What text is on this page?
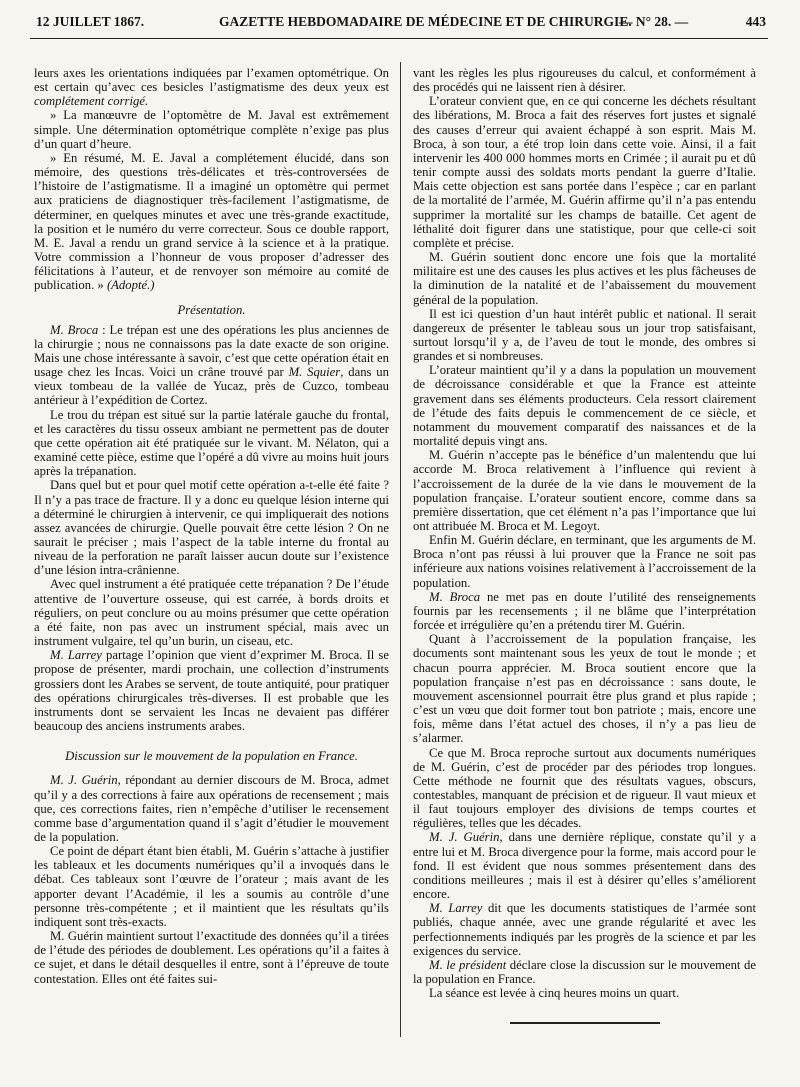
12 JUILLET 1867.	GAZETTE HEBDOMADAIRE DE MÉDECINE ET DE CHIRURGIE.
— N° 28. —	443

leurs axes les orientations indiquées par l’examen optométrique. On est certain qu’avec ces besicles l’astigmatisme des deux yeux est complétement corrigé.

» La manœuvre de l’optomètre de M. Javal est extrêmement simple. Une détermination optométrique complète n’exige pas plus d’un quart d’heure.

» En résumé, M. E. Javal a complétement élucidé, dans son mémoire, des questions très-délicates et très-controversées de l’histoire de l’astigmatisme. Il a imaginé un optomètre qui permet aux praticiens de diagnostiquer très-facilement l’astigmatisme, de déterminer, en quelques minutes et avec une très-grande exactitude, la position et le numéro du verre correcteur. Sous ce double rapport, M. E. Javal a rendu un grand service à la science et à la pratique. Votre commission a l’honneur de vous proposer d’adresser des félicitations à l’auteur, et de renvoyer son mémoire au comité de publication. » (Adopté.)

Présentation.

M. Broca : Le trépan est une des opérations les plus anciennes de la chirurgie ; nous ne connaissons pas la date exacte de son origine. Mais une chose intéressante à savoir, c’est que cette opération était en usage chez les Incas. Voici un crâne trouvé par M. Squier, dans un vieux tombeau de la vallée de Yucaz, près de Cuzco, tombeau antérieur à l’expédition de Cortez.

Le trou du trépan est situé sur la partie latérale gauche du frontal, et les caractères du tissu osseux ambiant ne permettent pas de douter que cette opération ait été pratiquée sur le vivant. M. Nélaton, qui a examiné cette pièce, estime que l’opéré a dû vivre au moins huit jours après la trépanation.

Dans quel but et pour quel motif cette opération a-t-elle été faite ? Il n’y a pas trace de fracture. Il y a donc eu quelque lésion interne qui a déterminé le chirurgien à intervenir, ce qui impliquerait des notions assez avancées de chirurgie. Quelle pouvait être cette lésion ? On ne saurait le préciser ; mais l’aspect de la table interne du frontal au niveau de la perforation ne paraît laisser aucun doute sur l’existence d’une lésion intra-crânienne.

Avec quel instrument a été pratiquée cette trépanation ? De l’étude attentive de l’ouverture osseuse, qui est carrée, à bords droits et réguliers, on peut conclure ou au moins présumer que cette opération a été faite, non pas avec un instrument spécial, mais avec un instrument vulgaire, tel qu’un burin, un ciseau, etc.

M. Larrey partage l’opinion que vient d’exprimer M. Broca. Il se propose de présenter, mardi prochain, une collection d’instruments grossiers dont les Arabes se servent, de toute antiquité, pour pratiquer des opérations chirurgicales très-diverses. Il est probable que les instruments dont se servaient les Incas ne devaient pas différer beaucoup des anciens instruments arabes.

Discussion sur le mouvement de la population en France.

M. J. Guérin, répondant au dernier discours de M. Broca, admet qu’il y a des corrections à faire aux opérations de recensement ; mais que, ces corrections faites, rien n’empêche d’utiliser le recensement comme base d’argumentation quand il s’agit d’étudier le mouvement de la population.

Ce point de départ étant bien établi, M. Guérin s’attache à justifier les tableaux et les documents numériques qu’il a invoqués dans le débat. Ces tableaux sont l’œuvre de l’orateur ; mais avant de les apporter devant l’Académie, il les a soumis au contrôle d’une personne très-compétente ; et il maintient que les résultats qu’ils indiquent sont très-exacts.

M. Guérin maintient surtout l’exactitude des données qu’il a tirées de l’étude des périodes de doublement. Les opérations qu’il a faites à ce sujet, et dans le détail desquelles il entre, sont à l’épreuve de toute contestation. Elles ont été faites sui-

vant les règles les plus rigoureuses du calcul, et conformément à des procédés qui ne laissent rien à désirer.

L’orateur convient que, en ce qui concerne les déchets résultant des libérations, M. Broca a fait des réserves fort justes et signalé des causes d’erreur qui avaient échappé à son esprit. Mais M. Broca, à son tour, a été trop loin dans cette voie. Ainsi, il a fait intervenir les 400 000 hommes morts en Crimée ; il aurait pu et dû tenir compte aussi des soldats morts pendant la guerre d’Italie. Mais cette objection est sans portée dans l’espèce ; car en parlant de la mortalité de l’armée, M. Guérin affirme qu’il n’a pas entendu supprimer la mortalité sur les champs de bataille. Cet agent de léthalité doit figurer dans une statistique, pour que celle-ci soit complète et précise.

M. Guérin soutient donc encore une fois que la mortalité militaire est une des causes les plus actives et les plus fâcheuses de la diminution de la natalité et de l’abaissement du mouvement général de la population.

Il est ici question d’un haut intérêt public et national. Il serait dangereux de présenter le tableau sous un jour trop satisfaisant, surtout lorsqu’il y a, de l’aveu de tout le monde, des ombres si grandes et si nombreuses.

L’orateur maintient qu’il y a dans la population un mouvement de décroissance considérable et que la France est atteinte gravement dans ses éléments producteurs. Cela ressort clairement de l’étude des faits depuis le commencement de ce siècle, et notamment du mouvement comparatif des naissances et de la mortalité depuis vingt ans.

M. Guérin n’accepte pas le bénéfice d’un malentendu que lui accorde M. Broca relativement à l’influence qui revient à l’accroissement de la durée de la vie dans le mouvement de la population française. L’orateur soutient encore, comme dans sa première dissertation, que cet élément n’a pas l’importance que lui ont attribuée M. Broca et M. Legoyt.

Enfin M. Guérin déclare, en terminant, que les arguments de M. Broca n’ont pas réussi à lui prouver que la France ne soit pas inférieure aux nations voisines relativement à l’accroissement de la population.

M. Broca ne met pas en doute l’utilité des renseignements fournis par les recensements ; il ne blâme que l’interprétation forcée et irrégulière qu’en a prétendu tirer M. Guérin.

Quant à l’accroissement de la population française, les documents sont maintenant sous les yeux de tout le monde ; et chacun pourra apprécier. M. Broca soutient encore que la population française n’est pas en décroissance : sans doute, le mouvement ascensionnel pourrait être plus grand et plus rapide ; c’est un vœu que doit former tout bon patriote ; mais, encore une fois, même dans l’état actuel des choses, il n’y a pas lieu de s’alarmer.

Ce que M. Broca reproche surtout aux documents numériques de M. Guérin, c’est de procéder par des périodes trop longues. Cette méthode ne fournit que des résultats vagues, obscurs, contestables, manquant de précision et de rigueur. Il vaut mieux et il faut toujours employer des divisions de temps courtes et régulières, telles que les décades.

M. J. Guérin, dans une dernière réplique, constate qu’il y a entre lui et M. Broca divergence pour la forme, mais accord pour le fond. Il est évident que nous sommes présentement dans des conditions meilleures ; mais il est à désirer qu’elles s’améliorent encore.

M. Larrey dit que les documents statistiques de l’armée sont publiés, chaque année, avec une grande régularité et avec les perfectionnements indiqués par les progrès de la science et par les exigences du service.

M. le président déclare close la discussion sur le mouvement de la population en France.

La séance est levée à cinq heures moins un quart.
